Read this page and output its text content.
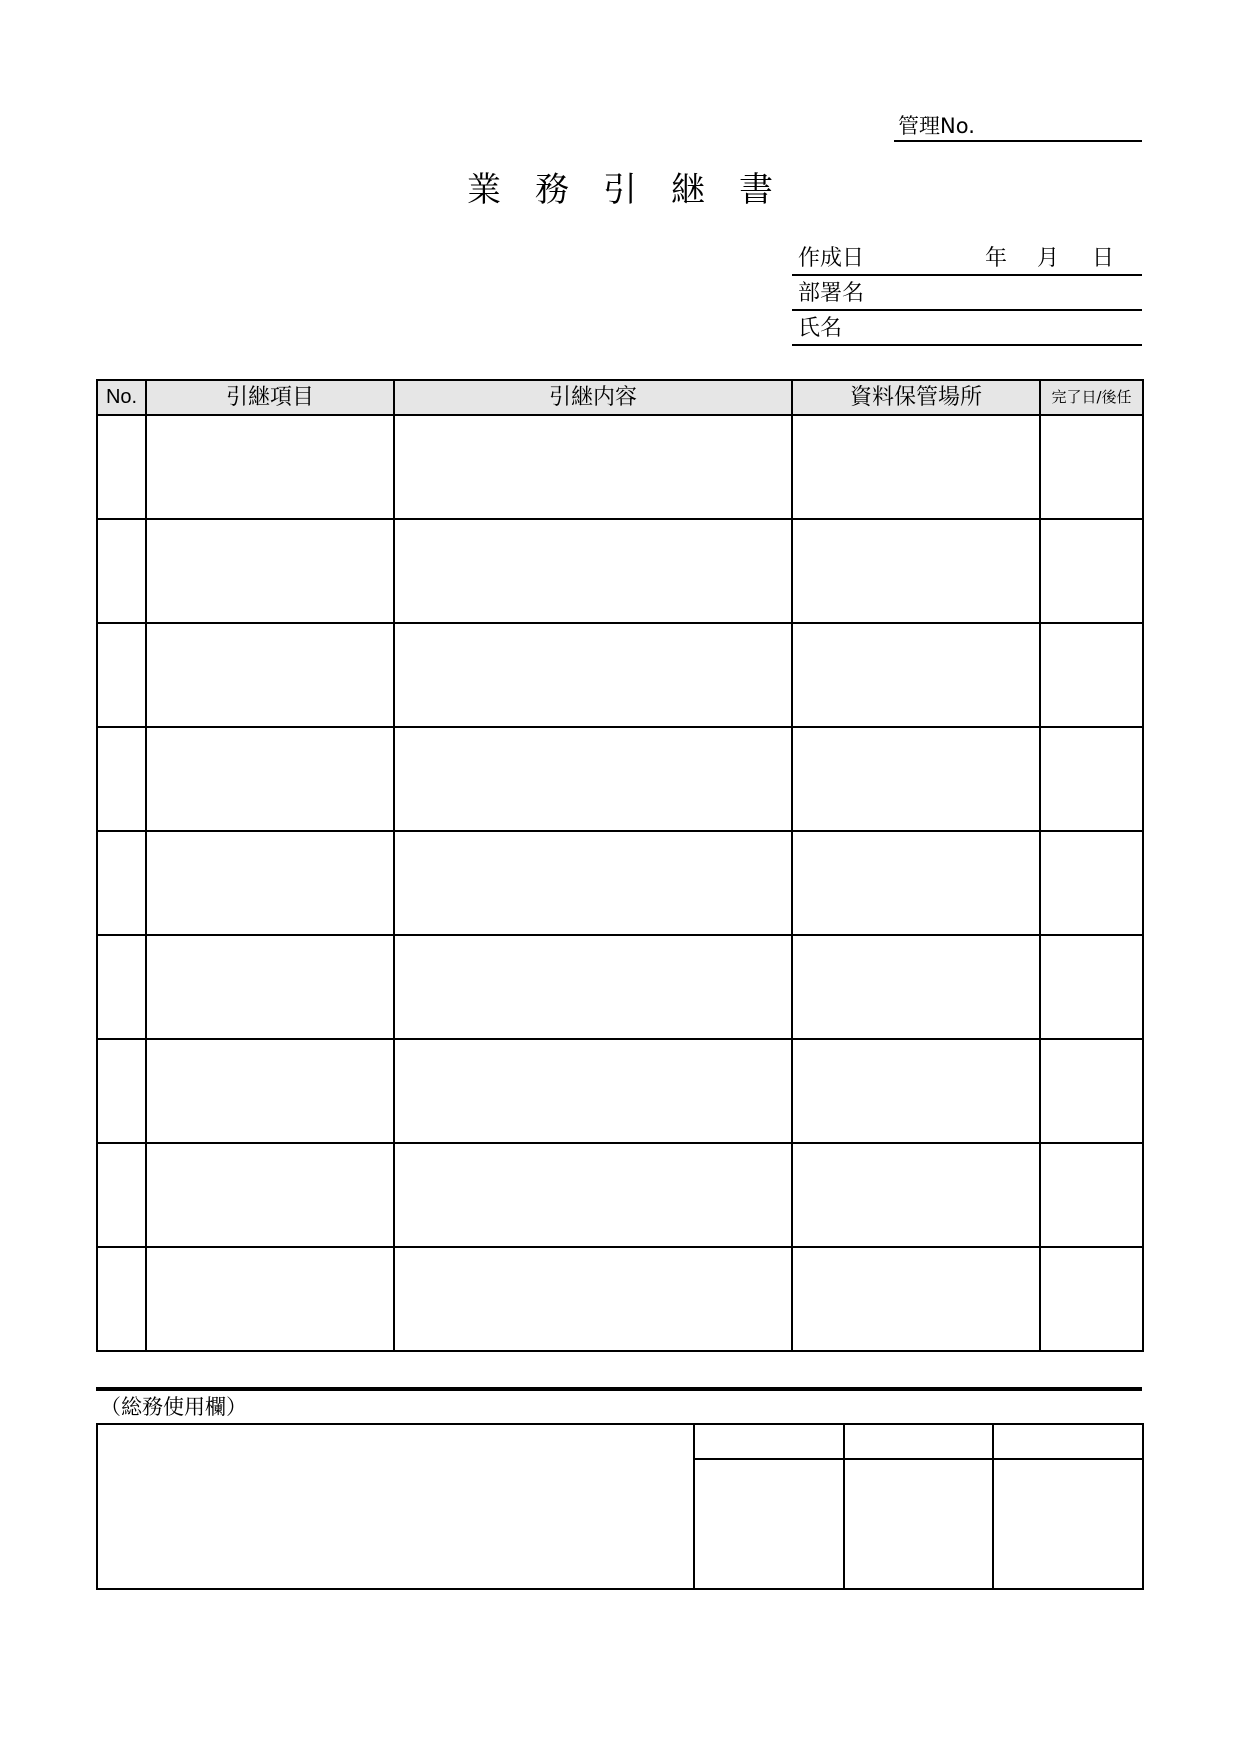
管理No.
業務引継書
作成日	年 月 日
部署名
氏名
No.	引継項目	引継内容	資料保管場所	完了日/後任

（総務使用欄）
